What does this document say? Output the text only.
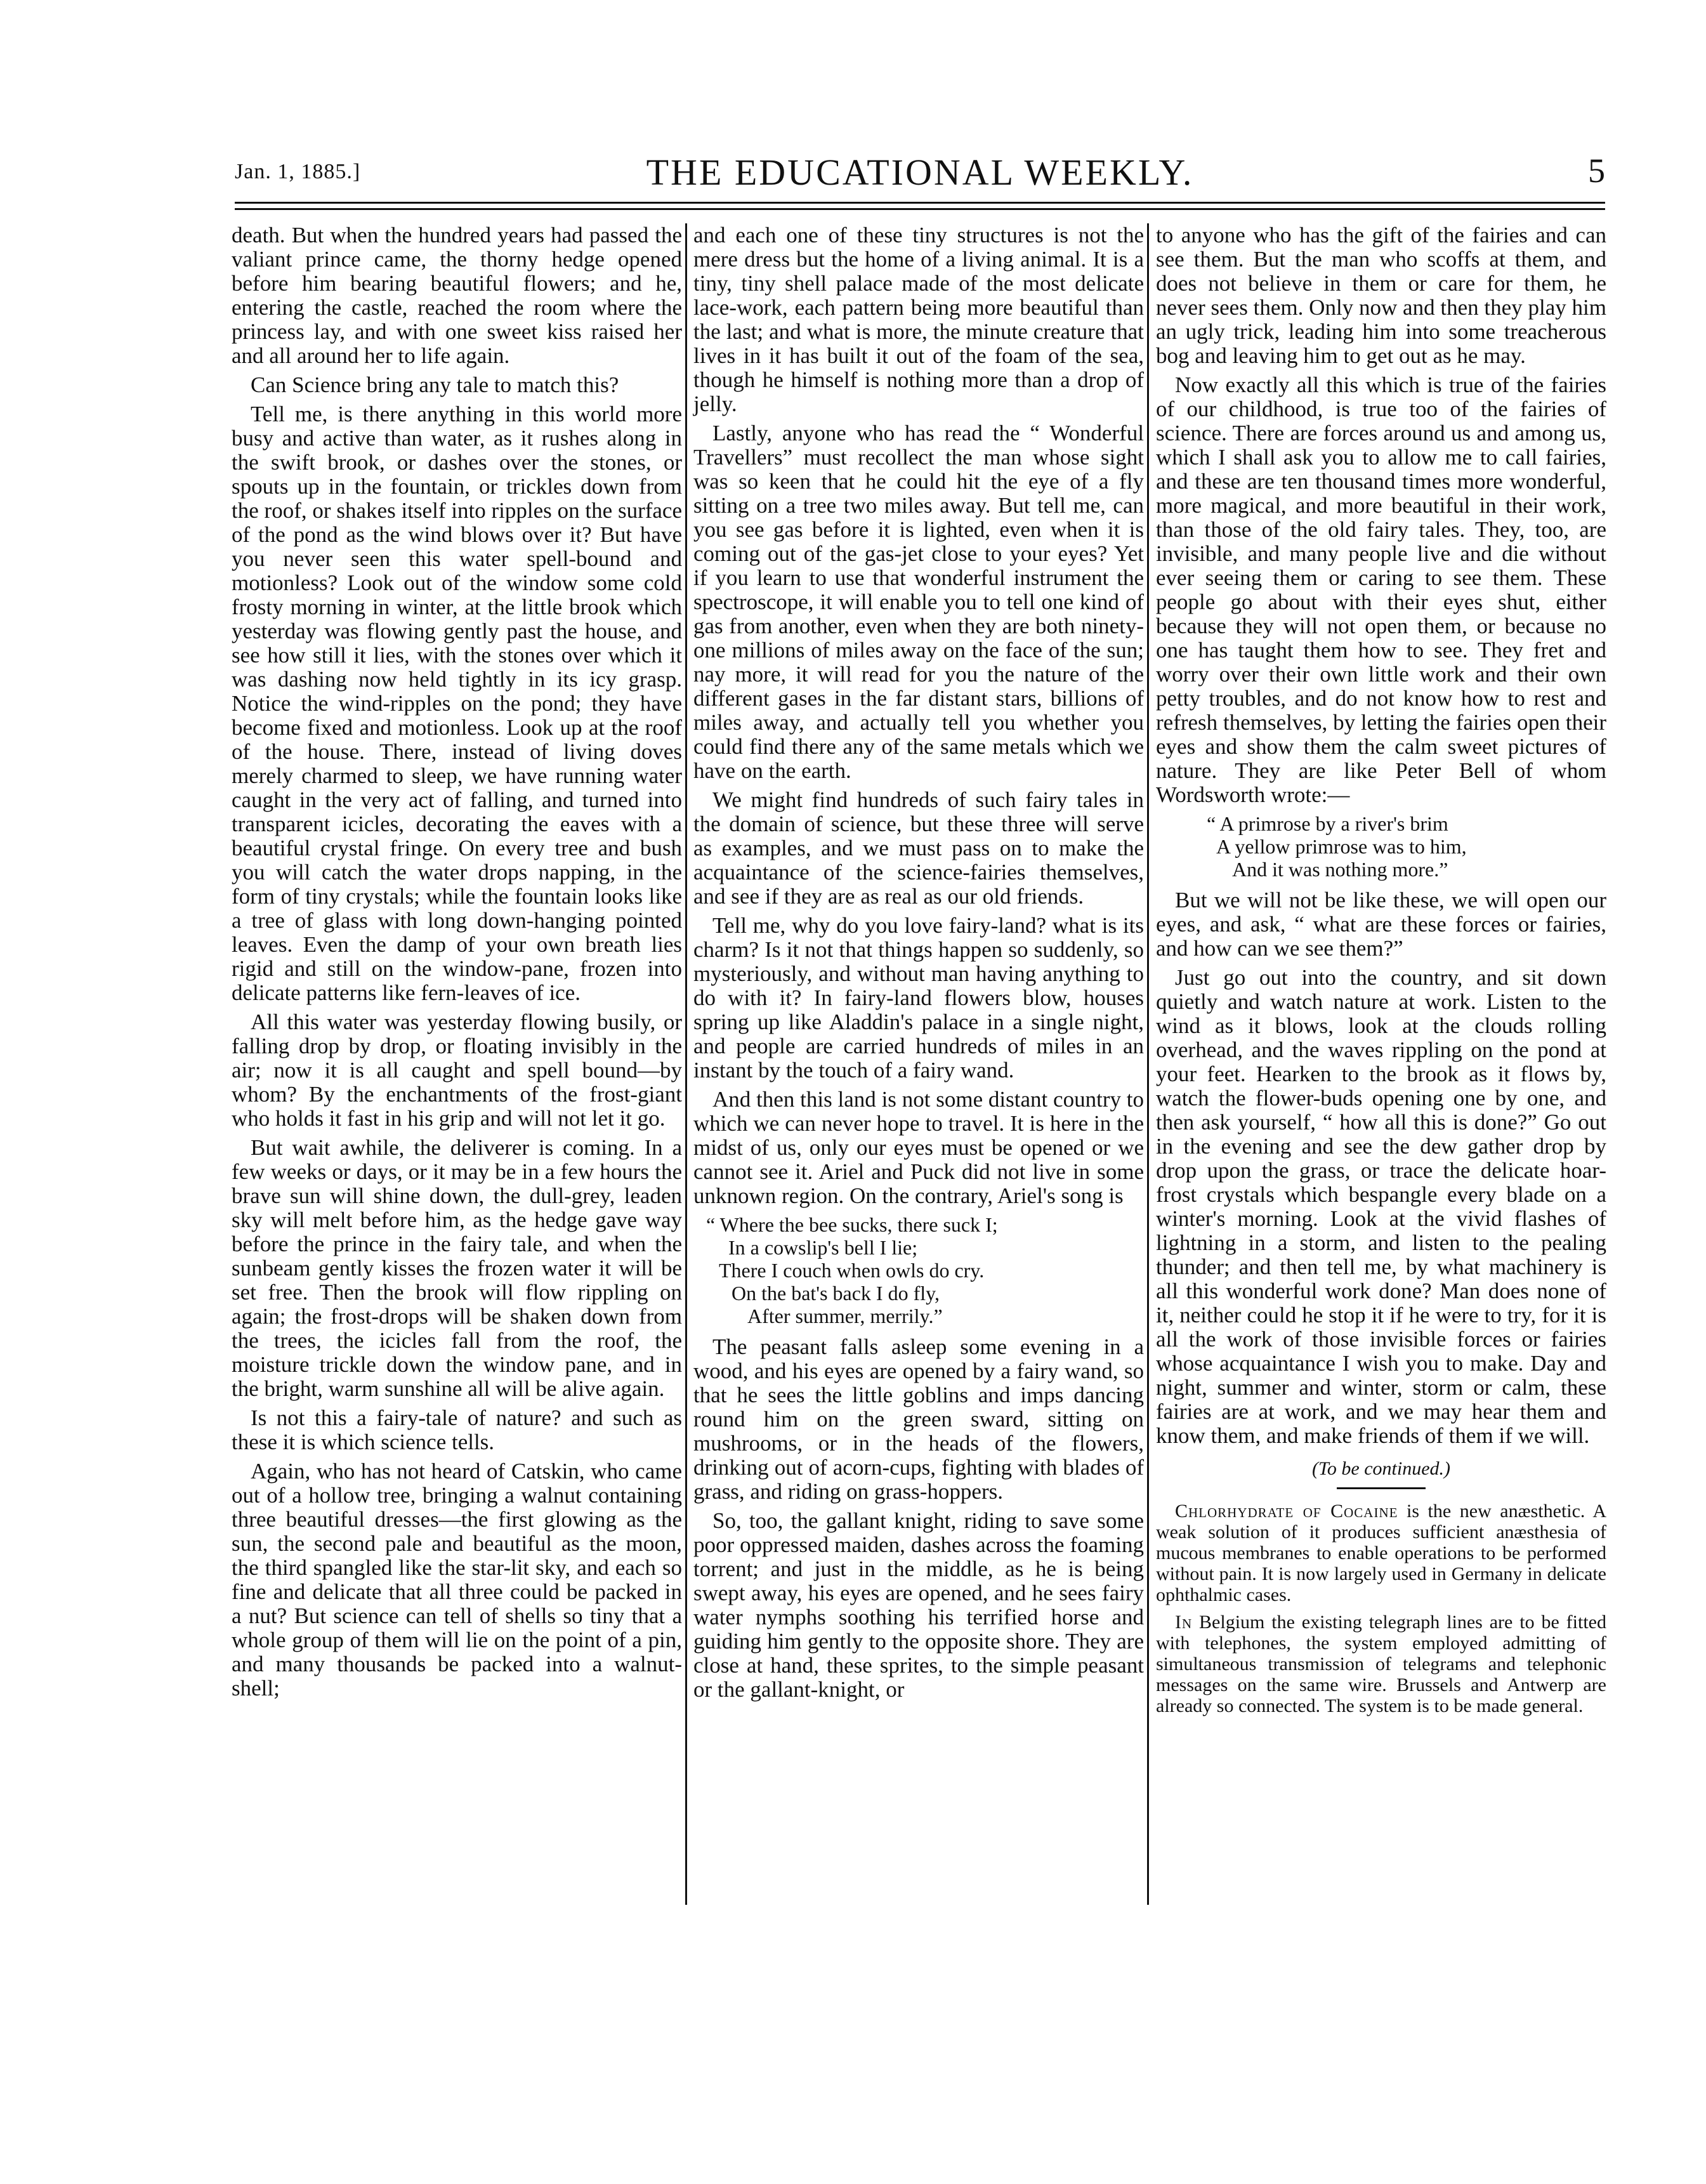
Jan. 1, 1885.]	THE EDUCATIONAL WEEKLY.	5

death. But when the hundred years had passed the valiant prince came, the thorny hedge opened before him bearing beautiful flowers; and he, entering the castle, reached the room where the princess lay, and with one sweet kiss raised her and all around her to life again.

Can Science bring any tale to match this?

Tell me, is there anything in this world more busy and active than water, as it rushes along in the swift brook, or dashes over the stones, or spouts up in the fountain, or trickles down from the roof, or shakes itself into ripples on the surface of the pond as the wind blows over it? But have you never seen this water spell-bound and motionless? Look out of the window some cold frosty morning in winter, at the little brook which yesterday was flowing gently past the house, and see how still it lies, with the stones over which it was dashing now held tightly in its icy grasp. Notice the wind-ripples on the pond; they have become fixed and motionless. Look up at the roof of the house. There, instead of living doves merely charmed to sleep, we have running water caught in the very act of falling, and turned into transparent icicles, decorating the eaves with a beautiful crystal fringe. On every tree and bush you will catch the water drops napping, in the form of tiny crystals; while the fountain looks like a tree of glass with long down-hanging pointed leaves. Even the damp of your own breath lies rigid and still on the window-pane, frozen into delicate patterns like fern-leaves of ice.

All this water was yesterday flowing busily, or falling drop by drop, or floating invisibly in the air; now it is all caught and spell bound—by whom? By the enchantments of the frost-giant who holds it fast in his grip and will not let it go.

But wait awhile, the deliverer is coming. In a few weeks or days, or it may be in a few hours the brave sun will shine down, the dull-grey, leaden sky will melt before him, as the hedge gave way before the prince in the fairy tale, and when the sunbeam gently kisses the frozen water it will be set free. Then the brook will flow rippling on again; the frost-drops will be shaken down from the trees, the icicles fall from the roof, the moisture trickle down the window pane, and in the bright, warm sunshine all will be alive again.

Is not this a fairy-tale of nature? and such as these it is which science tells.

Again, who has not heard of Catskin, who came out of a hollow tree, bringing a walnut containing three beautiful dresses—the first glowing as the sun, the second pale and beautiful as the moon, the third spangled like the star-lit sky, and each so fine and delicate that all three could be packed in a nut? But science can tell of shells so tiny that a whole group of them will lie on the point of a pin, and many thousands be packed into a walnut-shell;

and each one of these tiny structures is not the mere dress but the home of a living animal. It is a tiny, tiny shell palace made of the most delicate lace-work, each pattern being more beautiful than the last; and what is more, the minute creature that lives in it has built it out of the foam of the sea, though he himself is nothing more than a drop of jelly.

Lastly, anyone who has read the “ Wonderful Travellers” must recollect the man whose sight was so keen that he could hit the eye of a fly sitting on a tree two miles away. But tell me, can you see gas before it is lighted, even when it is coming out of the gas-jet close to your eyes? Yet if you learn to use that wonderful instrument the spectroscope, it will enable you to tell one kind of gas from another, even when they are both ninety-one millions of miles away on the face of the sun; nay more, it will read for you the nature of the different gases in the far distant stars, billions of miles away, and actually tell you whether you could find there any of the same metals which we have on the earth.

We might find hundreds of such fairy tales in the domain of science, but these three will serve as examples, and we must pass on to make the acquaintance of the science-fairies themselves, and see if they are as real as our old friends.

Tell me, why do you love fairy-land? what is its charm? Is it not that things happen so suddenly, so mysteriously, and without man having anything to do with it? In fairy-land flowers blow, houses spring up like Aladdin's palace in a single night, and people are carried hundreds of miles in an instant by the touch of a fairy wand.

And then this land is not some distant country to which we can never hope to travel. It is here in the midst of us, only our eyes must be opened or we cannot see it. Ariel and Puck did not live in some unknown region. On the contrary, Ariel's song is

“ Where the bee sucks, there suck I;
In a cowslip's bell I lie;
There I couch when owls do cry.
On the bat's back I do fly,
After summer, merrily.”

The peasant falls asleep some evening in a wood, and his eyes are opened by a fairy wand, so that he sees the little goblins and imps dancing round him on the green sward, sitting on mushrooms, or in the heads of the flowers, drinking out of acorn-cups, fighting with blades of grass, and riding on grass-hoppers.

So, too, the gallant knight, riding to save some poor oppressed maiden, dashes across the foaming torrent; and just in the middle, as he is being swept away, his eyes are opened, and he sees fairy water nymphs soothing his terrified horse and guiding him gently to the opposite shore. They are close at hand, these sprites, to the simple peasant or the gallant-knight, or

to anyone who has the gift of the fairies and can see them. But the man who scoffs at them, and does not believe in them or care for them, he never sees them. Only now and then they play him an ugly trick, leading him into some treacherous bog and leaving him to get out as he may.

Now exactly all this which is true of the fairies of our childhood, is true too of the fairies of science. There are forces around us and among us, which I shall ask you to allow me to call fairies, and these are ten thousand times more wonderful, more magical, and more beautiful in their work, than those of the old fairy tales. They, too, are invisible, and many people live and die without ever seeing them or caring to see them. These people go about with their eyes shut, either because they will not open them, or because no one has taught them how to see. They fret and worry over their own little work and their own petty troubles, and do not know how to rest and refresh themselves, by letting the fairies open their eyes and show them the calm sweet pictures of nature. They are like Peter Bell of whom Wordsworth wrote:—

“ A primrose by a river's brim
A yellow primrose was to him,
And it was nothing more.”

But we will not be like these, we will open our eyes, and ask, “ what are these forces or fairies, and how can we see them?”

Just go out into the country, and sit down quietly and watch nature at work. Listen to the wind as it blows, look at the clouds rolling overhead, and the waves rippling on the pond at your feet. Hearken to the brook as it flows by, watch the flower-buds opening one by one, and then ask yourself, “ how all this is done?” Go out in the evening and see the dew gather drop by drop upon the grass, or trace the delicate hoar-frost crystals which bespangle every blade on a winter's morning. Look at the vivid flashes of lightning in a storm, and listen to the pealing thunder; and then tell me, by what machinery is all this wonderful work done? Man does none of it, neither could he stop it if he were to try, for it is all the work of those invisible forces or fairies whose acquaintance I wish you to make. Day and night, summer and winter, storm or calm, these fairies are at work, and we may hear them and know them, and make friends of them if we will.

(To be continued.)

Chlorhydrate of Cocaine is the new anæsthetic. A weak solution of it produces sufficient anæsthesia of mucous membranes to enable operations to be performed without pain. It is now largely used in Germany in delicate ophthalmic cases.

In Belgium the existing telegraph lines are to be fitted with telephones, the system employed admitting of simultaneous transmission of telegrams and telephonic messages on the same wire. Brussels and Antwerp are already so connected. The system is to be made general.
